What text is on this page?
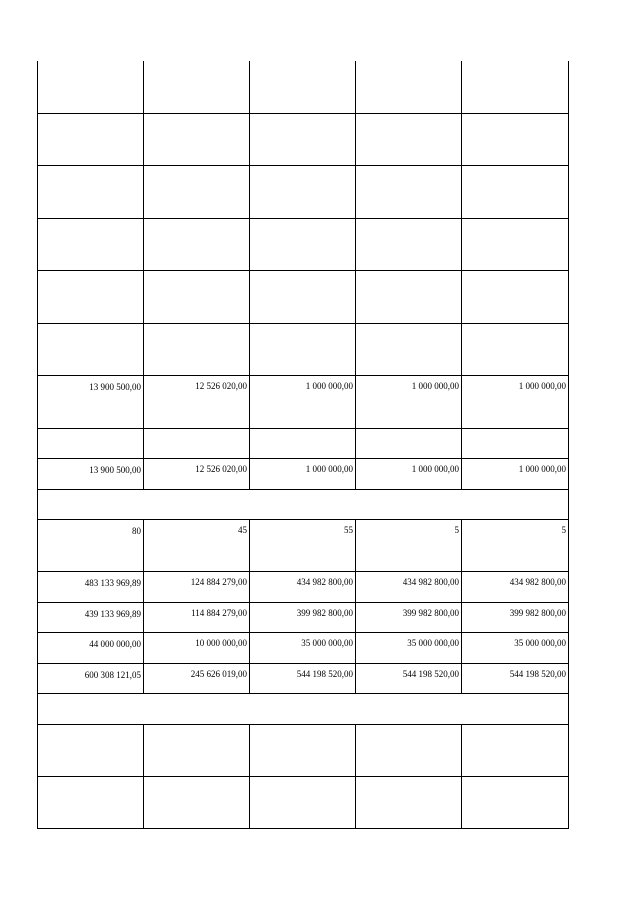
13 900 500,00	12 526 020,00	1 000 000,00	1 000 000,00	1 000 000,00

13 900 500,00	12 526 020,00	1 000 000,00	1 000 000,00	1 000 000,00

80	45	55	5	5

483 133 969,89	124 884 279,00	434 982 800,00	434 982 800,00	434 982 800,00

439 133 969,89	114 884 279,00	399 982 800,00	399 982 800,00	399 982 800,00

44 000 000,00	10 000 000,00	35 000 000,00	35 000 000,00	35 000 000,00

600 308 121,05	245 626 019,00	544 198 520,00	544 198 520,00	544 198 520,00
